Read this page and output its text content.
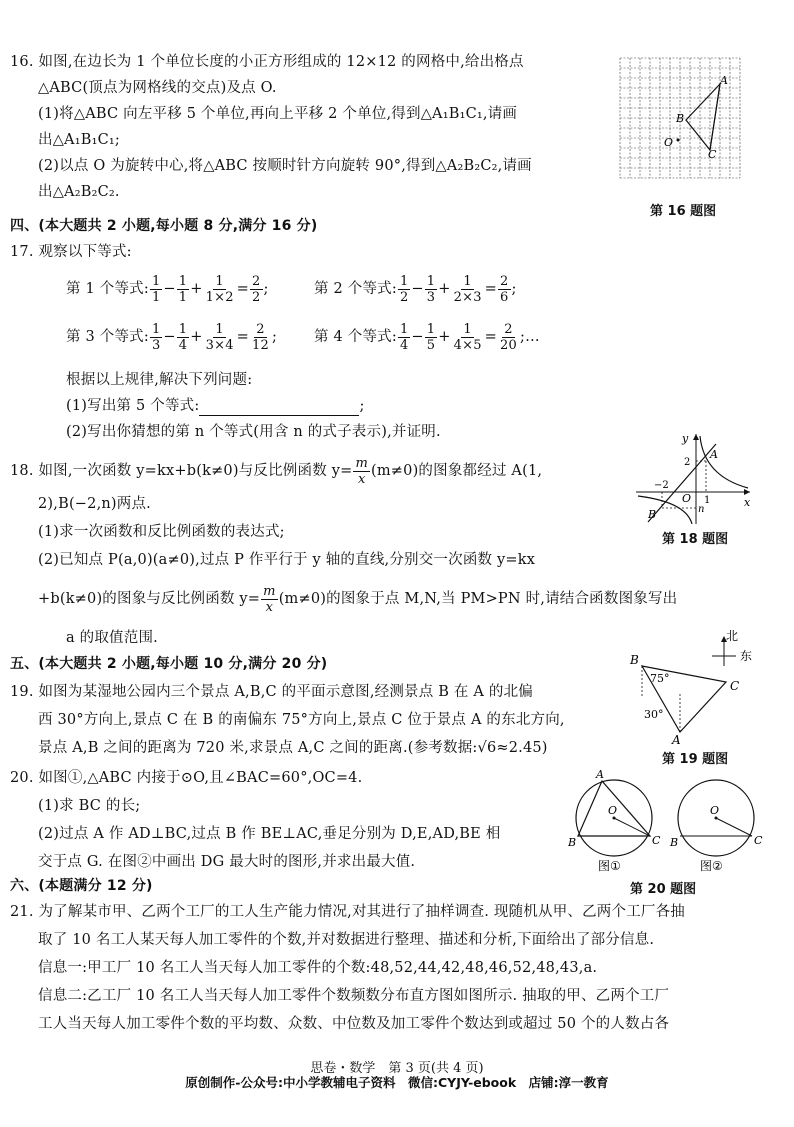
16. 如图,在边长为 1 个单位长度的小正方形组成的 12×12 的网格中,给出格点
△ABC(顶点为网格线的交点)及点 O.
(1)将△ABC 向左平移 5 个单位,再向上平移 2 个单位,得到△A₁B₁C₁,请画
出△A₁B₁C₁;
(2)以点 O 为旋转中心,将△ABC 按顺时针方向旋转 90°,得到△A₂B₂C₂,请画
出△A₂B₂C₂.
A
B
C
O
第 16 题图
四、(本大题共 2 小题,每小题 8 分,满分 16 分)
17. 观察以下等式:
第 1 个等式: $\frac{1}{1} - \frac{1}{1} + \frac{1}{1\times 2} = \frac{2}{2}$ ;	第 2 个等式: $\frac{1}{2} - \frac{1}{3} + \frac{1}{2\times 3} = \frac{2}{6}$ ;
第 3 个等式: $\frac{1}{3} - \frac{1}{4} + \frac{1}{3\times 4} = \frac{2}{12}$ ;	第 4 个等式: $\frac{1}{4} - \frac{1}{5} + \frac{1}{4\times 5} = \frac{2}{20}$ ;…
根据以上规律,解决下列问题:
(1)写出第 5 个等式:	;
(2)写出你猜想的第 n 个等式(用含 n 的式子表示),并证明.
18. 如图,一次函数 y=kx+b(k≠0)与反比例函数 $y= \frac{m}{x} (m\ne 0)$的图象都经过 A(1,
2),B(−2,n)两点.
(1)求一次函数和反比例函数的表达式;
(2)已知点 P(a,0)(a≠0),过点 P 作平行于 y 轴的直线,分别交一次函数 y=kx
+b(k≠0)的图象与反比例函数 $y= \frac{m}{x} (m\ne 0)$的图象于点 M,N,当 PM>PN 时,请结合函数图象写出
a 的取值范围.
y
x
A
B
O
n
2
−2
1
第 18 题图
五、(本大题共 2 小题,每小题 10 分,满分 20 分)
19. 如图为某湿地公园内三个景点 A,B,C 的平面示意图,经测景点 B 在 A 的北偏
西 30°方向上,景点 C 在 B 的南偏东 75°方向上,景点 C 位于景点 A 的东北方向,
景点 A,B 之间的距离为 720 米,求景点 A,C 之间的距离.(参考数据:√6≈2.45)
北
东
B
A
C
75°
30°
第 19 题图
20. 如图①,△ABC 内接于⊙O,且∠BAC=60°,OC=4.
(1)求 BC 的长;
(2)过点 A 作 AD⊥BC,过点 B 作 BE⊥AC,垂足分别为 D,E,AD,BE 相
交于点 G. 在图②中画出 DG 最大时的图形,并求出最大值.
A
B	C
O
B	C
O
图①	图②
第 20 题图
六、(本题满分 12 分)
21. 为了解某市甲、乙两个工厂的工人生产能力情况,对其进行了抽样调查. 现随机从甲、乙两个工厂各抽
取了 10 名工人某天每人加工零件的个数,并对数据进行整理、描述和分析,下面给出了部分信息.
信息一:甲工厂 10 名工人当天每人加工零件的个数:48,52,44,42,48,46,52,48,43,a.
信息二:乙工厂 10 名工人当天每人加工零件个数频数分布直方图如图所示. 抽取的甲、乙两个工厂
工人当天每人加工零件个数的平均数、众数、中位数及加工零件个数达到或超过 50 个的人数占各
思卷・数学　第 3 页(共 4 页)
原创制作-公众号:中小学教辅电子资料　微信:CYJY-ebook　店铺:淳一教育
